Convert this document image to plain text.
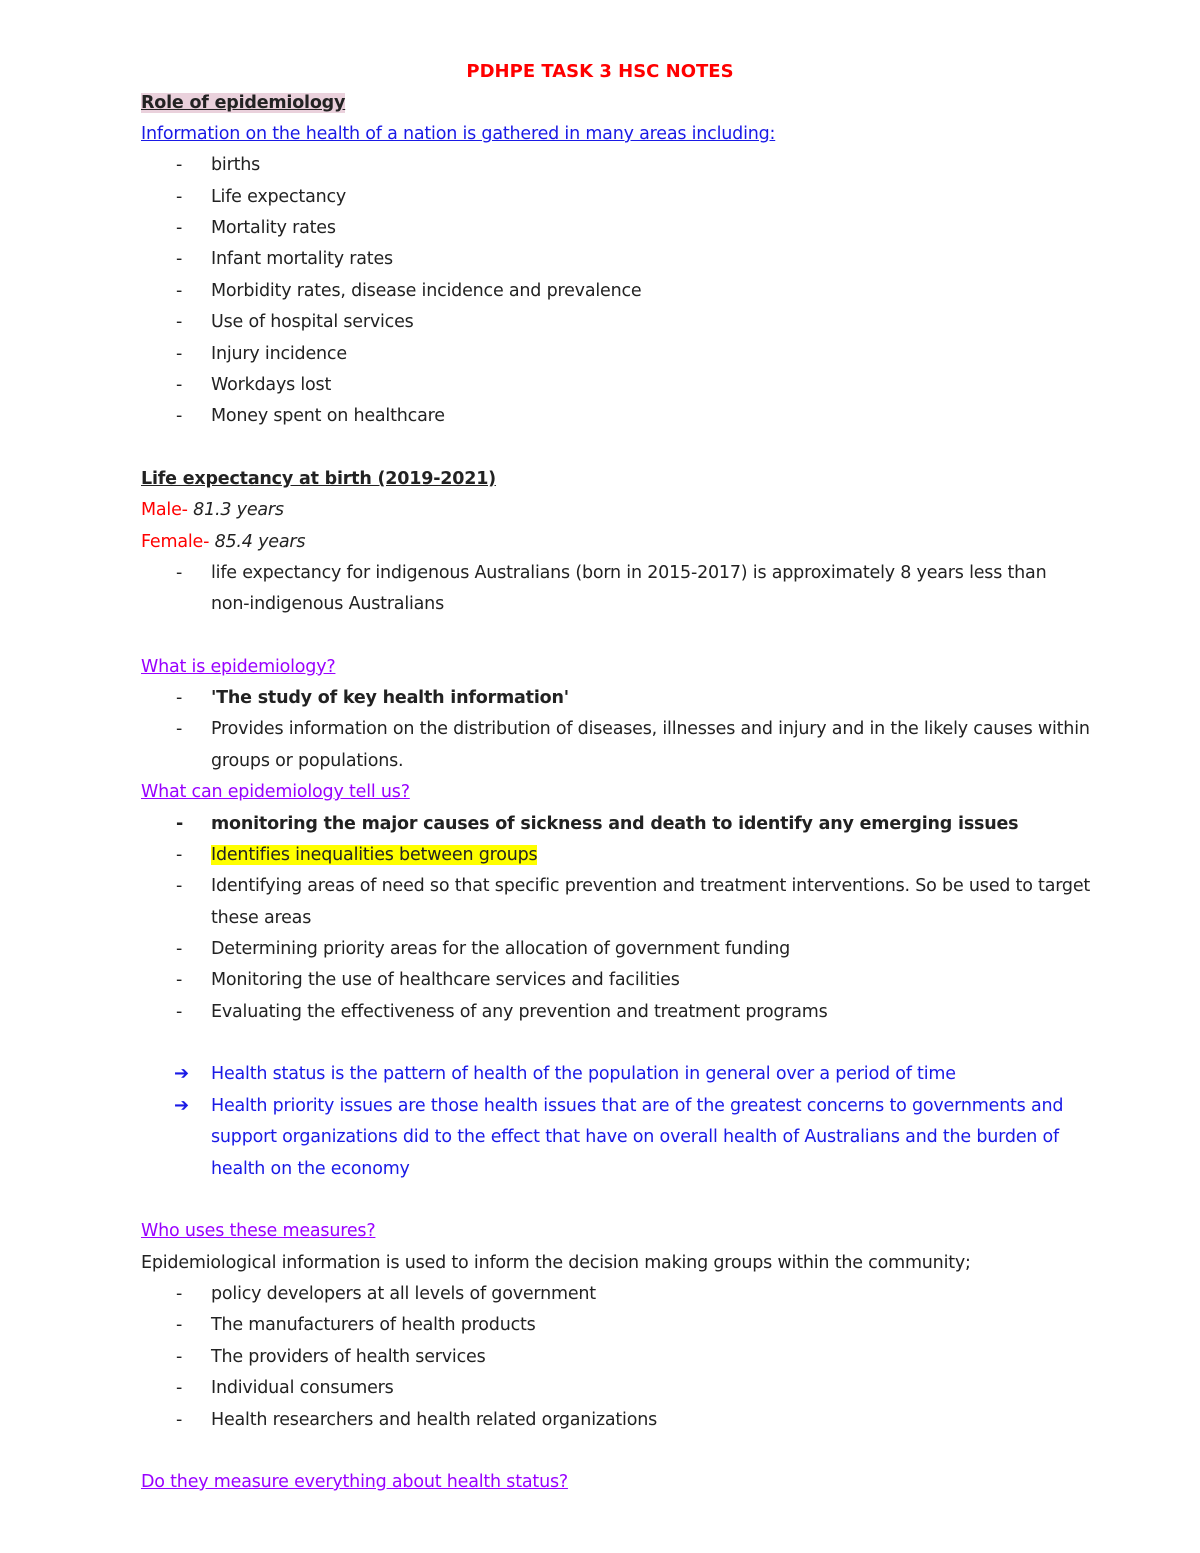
PDHPE TASK 3 HSC NOTES
Role of epidemiology
Information on the health of a nation is gathered in many areas including:
- births
- Life expectancy
- Mortality rates
- Infant mortality rates
- Morbidity rates, disease incidence and prevalence
- Use of hospital services
- Injury incidence
- Workdays lost
- Money spent on healthcare
Life expectancy at birth (2019-2021)
Male- 81.3 years
Female- 85.4 years
- life expectancy for indigenous Australians (born in 2015-2017) is approximately 8 years less than
non-indigenous Australians
What is epidemiology?
- 'The study of key health information'
- Provides information on the distribution of diseases, illnesses and injury and in the likely causes within
groups or populations.
What can epidemiology tell us?
- monitoring the major causes of sickness and death to identify any emerging issues
- Identifies inequalities between groups
- Identifying areas of need so that specific prevention and treatment interventions. So be used to target
these areas
- Determining priority areas for the allocation of government funding
- Monitoring the use of healthcare services and facilities
- Evaluating the effectiveness of any prevention and treatment programs
➔ Health status is the pattern of health of the population in general over a period of time
➔ Health priority issues are those health issues that are of the greatest concerns to governments and
support organizations did to the effect that have on overall health of Australians and the burden of
health on the economy
Who uses these measures?
Epidemiological information is used to inform the decision making groups within the community;
- policy developers at all levels of government
- The manufacturers of health products
- The providers of health services
- Individual consumers
- Health researchers and health related organizations
Do they measure everything about health status?
